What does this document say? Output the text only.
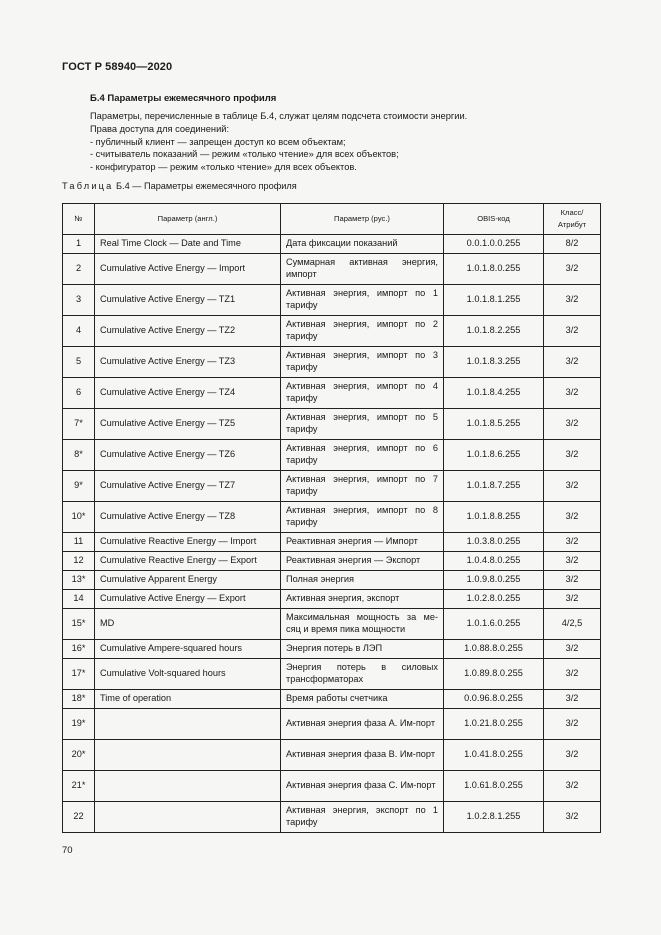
ГОСТ Р 58940—2020
Б.4 Параметры ежемесячного профиля
Параметры, перечисленные в таблице Б.4, служат целям подсчета стоимости энергии.
Права доступа для соединений:
- публичный клиент — запрещен доступ ко всем объектам;
- считыватель показаний — режим «только чтение» для всех объектов;
- конфигуратор — режим «только чтение» для всех объектов.
Таблица Б.4 — Параметры ежемесячного профиля
№	Параметр (англ.)	Параметр (рус.)	OBIS-код	Класс/ Атрибут
1	Real Time Clock — Date and Time	Дата фиксации показаний	0.0.1.0.0.255	8/2
2	Cumulative Active Energy — Import	Суммарная активная энергия, импорт	1.0.1.8.0.255	3/2
3	Cumulative Active Energy — TZ1	Активная энергия, импорт по 1 тарифу	1.0.1.8.1.255	3/2
4	Cumulative Active Energy — TZ2	Активная энергия, импорт по 2 тарифу	1.0.1.8.2.255	3/2
5	Cumulative Active Energy — TZ3	Активная энергия, импорт по 3 тарифу	1.0.1.8.3.255	3/2
6	Cumulative Active Energy — TZ4	Активная энергия, импорт по 4 тарифу	1.0.1.8.4.255	3/2
7*	Cumulative Active Energy — TZ5	Активная энергия, импорт по 5 тарифу	1.0.1.8.5.255	3/2
8*	Cumulative Active Energy — TZ6	Активная энергия, импорт по 6 тарифу	1.0.1.8.6.255	3/2
9*	Cumulative Active Energy — TZ7	Активная энергия, импорт по 7 тарифу	1.0.1.8.7.255	3/2
10*	Cumulative Active Energy — TZ8	Активная энергия, импорт по 8 тарифу	1.0.1.8.8.255	3/2
11	Cumulative Reactive Energy — Import	Реактивная энергия — Импорт	1.0.3.8.0.255	3/2
12	Cumulative Reactive Energy — Export	Реактивная энергия — Экспорт	1.0.4.8.0.255	3/2
13*	Cumulative Apparent Energy	Полная энергия	1.0.9.8.0.255	3/2
14	Cumulative Active Energy — Export	Активная энергия, экспорт	1.0.2.8.0.255	3/2
15*	MD	Максимальная мощность за ме-сяц и время пика мощности	1.0.1.6.0.255	4/2,5
16*	Cumulative Ampere-squared hours	Энергия потерь в ЛЭП	1.0.88.8.0.255	3/2
17*	Cumulative Volt-squared hours	Энергия потерь в силовых трансформаторах	1.0.89.8.0.255	3/2
18*	Time of operation	Время работы счетчика	0.0.96.8.0.255	3/2
19*		Активная энергия фаза А. Им-порт	1.0.21.8.0.255	3/2
20*		Активная энергия фаза В. Им-порт	1.0.41.8.0.255	3/2
21*		Активная энергия фаза С. Им-порт	1.0.61.8.0.255	3/2
22		Активная энергия, экспорт по 1 тарифу	1.0.2.8.1.255	3/2
70
